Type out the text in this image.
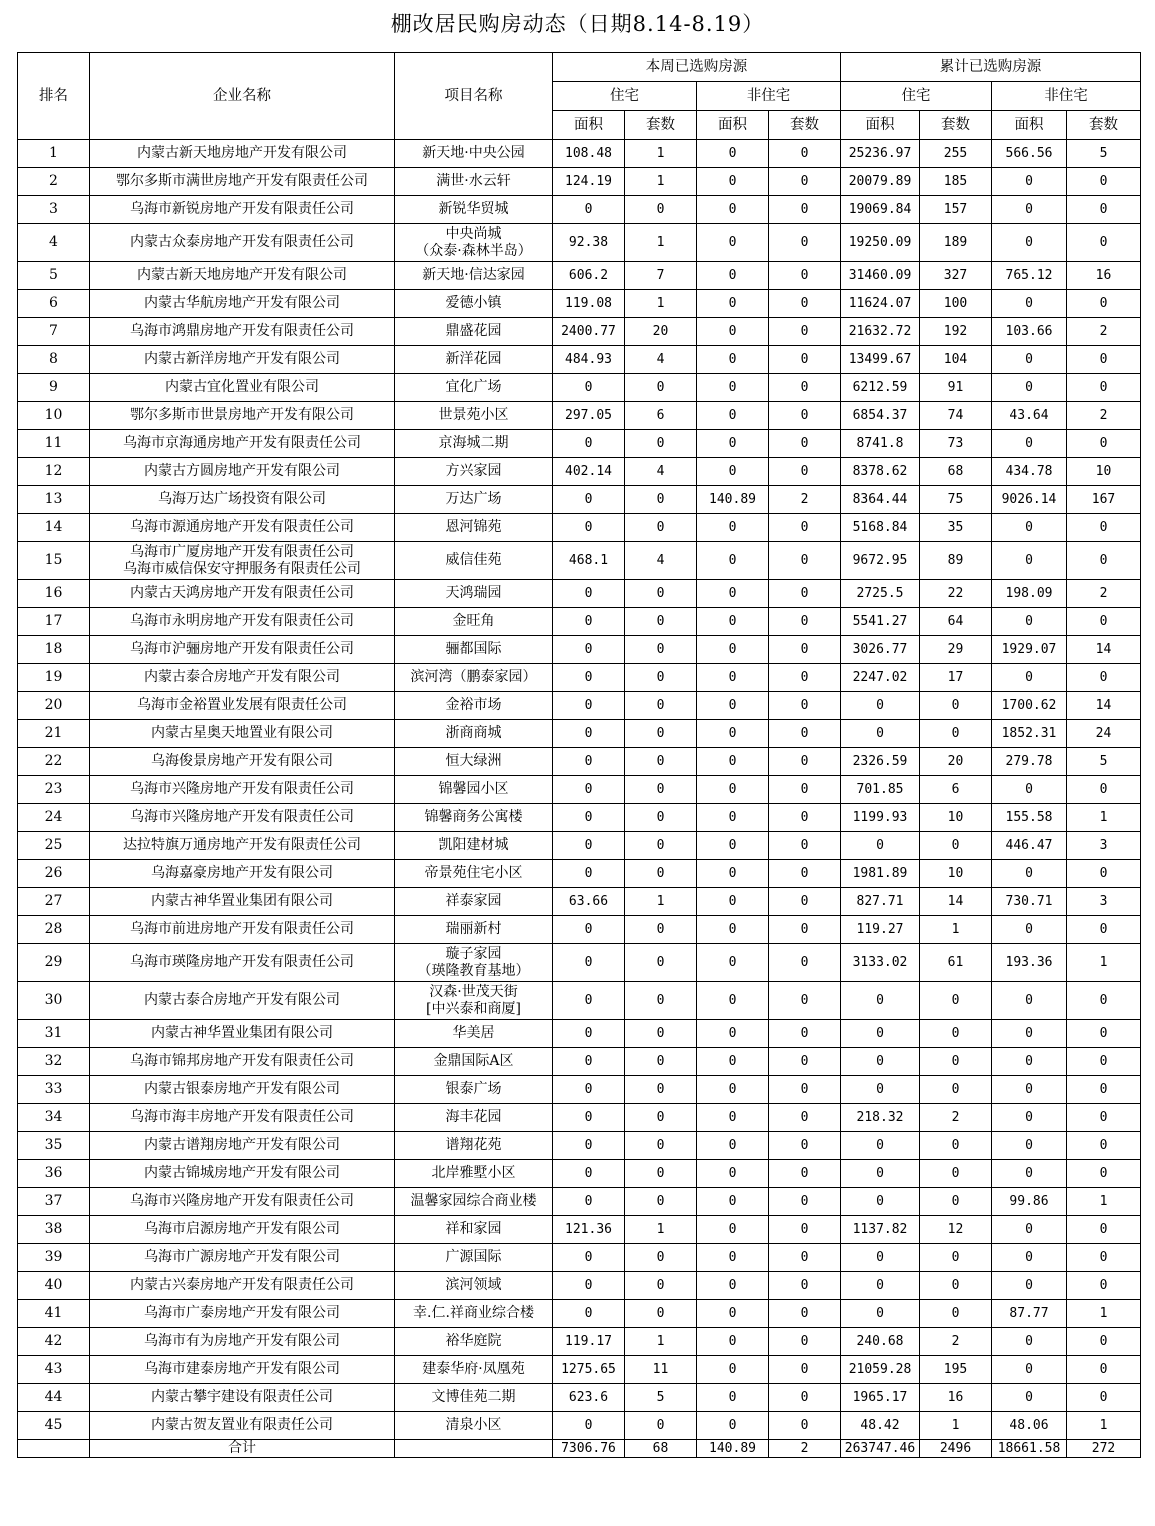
棚改居民购房动态（日期8.14-8.19）
排名	企业名称	项目名称	本周已选购房源				累计已选购房源			
			住宅		非住宅		住宅		非住宅	
			面积	套数	面积	套数	面积	套数	面积	套数
1	内蒙古新天地房地产开发有限公司	新天地·中央公园	108.48	1	0	0	25236.97	255	566.56	5
2	鄂尔多斯市满世房地产开发有限责任公司	满世·水云轩	124.19	1	0	0	20079.89	185	0	0
3	乌海市新锐房地产开发有限责任公司	新锐华贸城	0	0	0	0	19069.84	157	0	0
4	内蒙古众泰房地产开发有限责任公司	中央尚城
（众泰·森林半岛）	92.38	1	0	0	19250.09	189	0	0
5	内蒙古新天地房地产开发有限公司	新天地·信达家园	606.2	7	0	0	31460.09	327	765.12	16
6	内蒙古华航房地产开发有限公司	爱德小镇	119.08	1	0	0	11624.07	100	0	0
7	乌海市鸿鼎房地产开发有限责任公司	鼎盛花园	2400.77	20	0	0	21632.72	192	103.66	2
8	内蒙古新洋房地产开发有限公司	新洋花园	484.93	4	0	0	13499.67	104	0	0
9	内蒙古宜化置业有限公司	宜化广场	0	0	0	0	6212.59	91	0	0
10	鄂尔多斯市世景房地产开发有限公司	世景苑小区	297.05	6	0	0	6854.37	74	43.64	2
11	乌海市京海通房地产开发有限责任公司	京海城二期	0	0	0	0	8741.8	73	0	0
12	内蒙古方圆房地产开发有限公司	方兴家园	402.14	4	0	0	8378.62	68	434.78	10
13	乌海万达广场投资有限公司	万达广场	0	0	140.89	2	8364.44	75	9026.14	167
14	乌海市源通房地产开发有限责任公司	恩河锦苑	0	0	0	0	5168.84	35	0	0
15	乌海市广厦房地产开发有限责任公司
乌海市威信保安守押服务有限责任公司	威信佳苑	468.1	4	0	0	9672.95	89	0	0
16	内蒙古天鸿房地产开发有限责任公司	天鸿瑞园	0	0	0	0	2725.5	22	198.09	2
17	乌海市永明房地产开发有限责任公司	金旺角	0	0	0	0	5541.27	64	0	0
18	乌海市沪骊房地产开发有限责任公司	骊都国际	0	0	0	0	3026.77	29	1929.07	14
19	内蒙古泰合房地产开发有限公司	滨河湾（鹏泰家园）	0	0	0	0	2247.02	17	0	0
20	乌海市金裕置业发展有限责任公司	金裕市场	0	0	0	0	0	0	1700.62	14
21	内蒙古星奥天地置业有限公司	浙商商城	0	0	0	0	0	0	1852.31	24
22	乌海俊景房地产开发有限公司	恒大绿洲	0	0	0	0	2326.59	20	279.78	5
23	乌海市兴隆房地产开发有限责任公司	锦馨园小区	0	0	0	0	701.85	6	0	0
24	乌海市兴隆房地产开发有限责任公司	锦馨商务公寓楼	0	0	0	0	1199.93	10	155.58	1
25	达拉特旗万通房地产开发有限责任公司	凯阳建材城	0	0	0	0	0	0	446.47	3
26	乌海嘉豪房地产开发有限公司	帝景苑住宅小区	0	0	0	0	1981.89	10	0	0
27	内蒙古神华置业集团有限公司	祥泰家园	63.66	1	0	0	827.71	14	730.71	3
28	乌海市前进房地产开发有限责任公司	瑞丽新村	0	0	0	0	119.27	1	0	0
29	乌海市瑛隆房地产开发有限责任公司	璇子家园
（瑛隆教育基地）	0	0	0	0	3133.02	61	193.36	1
30	内蒙古泰合房地产开发有限公司	汉森·世茂天街
[中兴泰和商厦]	0	0	0	0	0	0	0	0
31	内蒙古神华置业集团有限公司	华美居	0	0	0	0	0	0	0	0
32	乌海市锦邦房地产开发有限责任公司	金鼎国际A区	0	0	0	0	0	0	0	0
33	内蒙古银泰房地产开发有限公司	银泰广场	0	0	0	0	0	0	0	0
34	乌海市海丰房地产开发有限责任公司	海丰花园	0	0	0	0	218.32	2	0	0
35	内蒙古谱翔房地产开发有限公司	谱翔花苑	0	0	0	0	0	0	0	0
36	内蒙古锦城房地产开发有限公司	北岸雅墅小区	0	0	0	0	0	0	0	0
37	乌海市兴隆房地产开发有限责任公司	温馨家园综合商业楼	0	0	0	0	0	0	99.86	1
38	乌海市启源房地产开发有限公司	祥和家园	121.36	1	0	0	1137.82	12	0	0
39	乌海市广源房地产开发有限公司	广源国际	0	0	0	0	0	0	0	0
40	内蒙古兴泰房地产开发有限责任公司	滨河领域	0	0	0	0	0	0	0	0
41	乌海市广泰房地产开发有限公司	幸.仁.祥商业综合楼	0	0	0	0	0	0	87.77	1
42	乌海市有为房地产开发有限公司	裕华庭院	119.17	1	0	0	240.68	2	0	0
43	乌海市建泰房地产开发有限公司	建泰华府·凤凰苑	1275.65	11	0	0	21059.28	195	0	0
44	内蒙古攀宇建设有限责任公司	文博佳苑二期	623.6	5	0	0	1965.17	16	0	0
45	内蒙古贺友置业有限责任公司	清泉小区	0	0	0	0	48.42	1	48.06	1
	合计		7306.76	68	140.89	2	263747.46	2496	18661.58	272
